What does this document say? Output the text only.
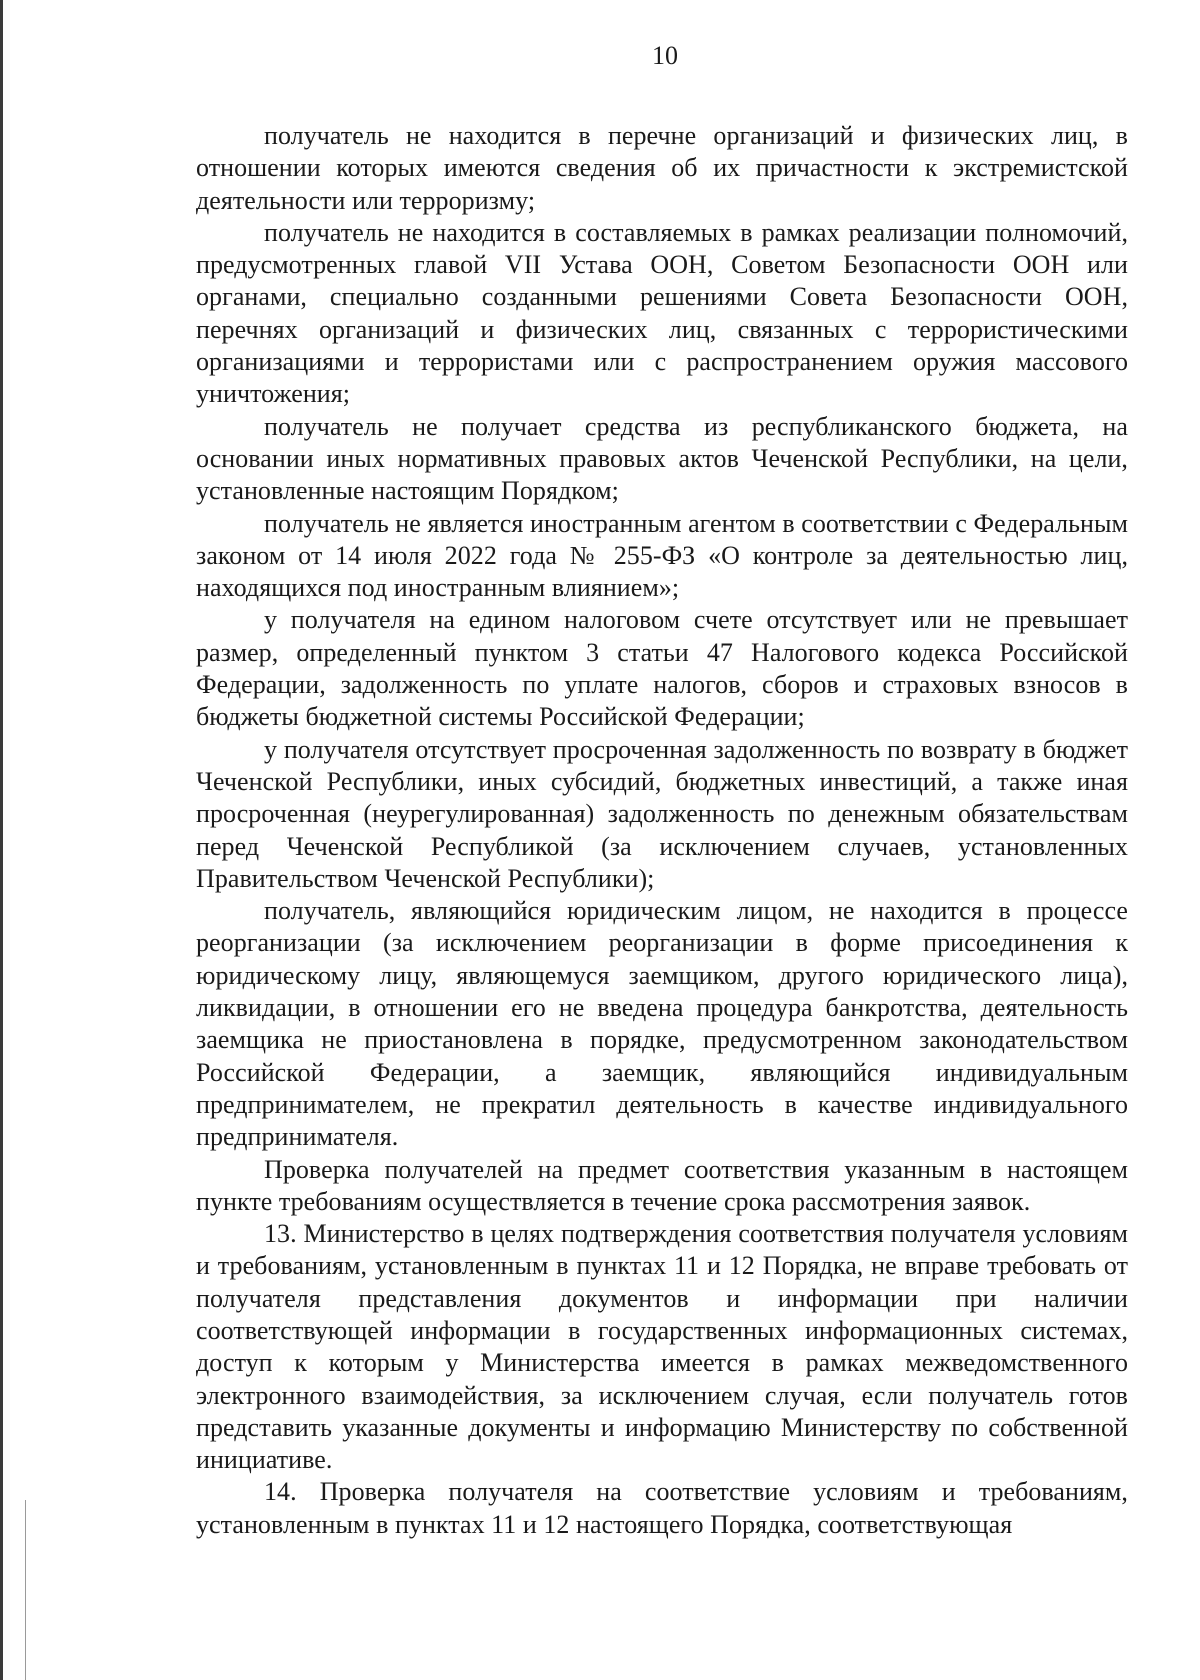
10

получатель не находится в перечне организаций и физических лиц, в отношении которых имеются сведения об их причастности к экстремистской деятельности или терроризму;

получатель не находится в составляемых в рамках реализации полномочий, предусмотренных главой VII Устава ООН, Советом Безопасности ООН или органами, специально созданными решениями Совета Безопасности ООН, перечнях организаций и физических лиц, связанных с террористическими организациями и террористами или с распространением оружия массового уничтожения;

получатель не получает средства из республиканского бюджета, на основании иных нормативных правовых актов Чеченской Республики, на цели, установленные настоящим Порядком;

получатель не является иностранным агентом в соответствии с Федеральным законом от 14 июля 2022 года № 255-ФЗ «О контроле за деятельностью лиц, находящихся под иностранным влиянием»;

у получателя на едином налоговом счете отсутствует или не превышает размер, определенный пунктом 3 статьи 47 Налогового кодекса Российской Федерации, задолженность по уплате налогов, сборов и страховых взносов в бюджеты бюджетной системы Российской Федерации;

у получателя отсутствует просроченная задолженность по возврату в бюджет Чеченской Республики, иных субсидий, бюджетных инвестиций, а также иная просроченная (неурегулированная) задолженность по денежным обязательствам перед Чеченской Республикой (за исключением случаев, установленных Правительством Чеченской Республики);

получатель, являющийся юридическим лицом, не находится в процессе реорганизации (за исключением реорганизации в форме присоединения к юридическому лицу, являющемуся заемщиком, другого юридического лица), ликвидации, в отношении его не введена процедура банкротства, деятельность заемщика не приостановлена в порядке, предусмотренном законодательством Российской Федерации, а заемщик, являющийся индивидуальным предпринимателем, не прекратил деятельность в качестве индивидуального предпринимателя.

Проверка получателей на предмет соответствия указанным в настоящем пункте требованиям осуществляется в течение срока рассмотрения заявок.

13. Министерство в целях подтверждения соответствия получателя условиям и требованиям, установленным в пунктах 11 и 12 Порядка, не вправе требовать от получателя представления документов и информации при наличии соответствующей информации в государственных информационных системах, доступ к которым у Министерства имеется в рамках межведомственного электронного взаимодействия, за исключением случая, если получатель готов представить указанные документы и информацию Министерству по собственной инициативе.

14. Проверка получателя на соответствие условиям и требованиям, установленным в пунктах 11 и 12 настоящего Порядка, соответствующая
